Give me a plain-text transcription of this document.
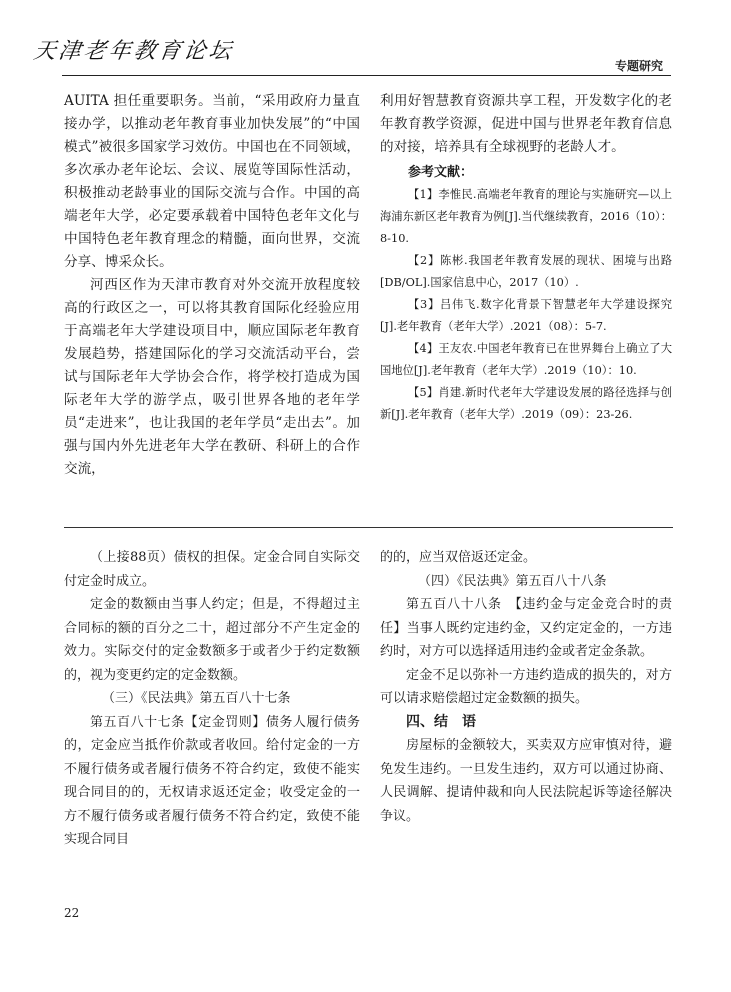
天津老年教育论坛
专题研究

AUITA 担任重要职务。当前，“采用政府力量直接办学，以推动老年教育事业加快发展”的“中国模式”被很多国家学习效仿。中国也在不同领域，多次承办老年论坛、会议、展览等国际性活动，积极推动老龄事业的国际交流与合作。中国的高端老年大学，必定要承载着中国特色老年文化与中国特色老年教育理念的精髓，面向世界，交流分享、博采众长。

河西区作为天津市教育对外交流开放程度较高的行政区之一，可以将其教育国际化经验应用于高端老年大学建设项目中，顺应国际老年教育发展趋势，搭建国际化的学习交流活动平台，尝试与国际老年大学协会合作，将学校打造成为国际老年大学的游学点，吸引世界各地的老年学员“走进来”，也让我国的老年学员“走出去”。加强与国内外先进老年大学在教研、科研上的合作交流，

利用好智慧教育资源共享工程，开发数字化的老年教育教学资源，促进中国与世界老年教育信息的对接，培养具有全球视野的老龄人才。

参考文献：

【1】李惟民.高端老年教育的理论与实施研究—以上海浦东新区老年教育为例[J].当代继续教育，2016（10）：8-10.

【2】陈彬.我国老年教育发展的现状、困境与出路[DB/OL].国家信息中心，2017（10）.

【3】吕伟飞.数字化背景下智慧老年大学建设探究[J].老年教育（老年大学）.2021（08）：5-7.

【4】王友农.中国老年教育已在世界舞台上确立了大国地位[J].老年教育（老年大学）.2019（10）：10.

【5】肖建.新时代老年大学建设发展的路径选择与创新[J].老年教育（老年大学）.2019（09）：23-26.

（上接88页）债权的担保。定金合同自实际交付定金时成立。

定金的数额由当事人约定；但是，不得超过主合同标的额的百分之二十，超过部分不产生定金的效力。实际交付的定金数额多于或者少于约定数额的，视为变更约定的定金数额。

（三）《民法典》第五百八十七条

第五百八十七条【定金罚则】债务人履行债务的，定金应当抵作价款或者收回。给付定金的一方不履行债务或者履行债务不符合约定，致使不能实现合同目的的，无权请求返还定金；收受定金的一方不履行债务或者履行债务不符合约定，致使不能实现合同目

的的，应当双倍返还定金。

（四）《民法典》第五百八十八条

第五百八十八条　【违约金与定金竞合时的责任】当事人既约定违约金，又约定定金的，一方违约时，对方可以选择适用违约金或者定金条款。

定金不足以弥补一方违约造成的损失的，对方可以请求赔偿超过定金数额的损失。

四、结　语

房屋标的金额较大，买卖双方应审慎对待，避免发生违约。一旦发生违约，双方可以通过协商、人民调解、提请仲裁和向人民法院起诉等途径解决争议。

22
